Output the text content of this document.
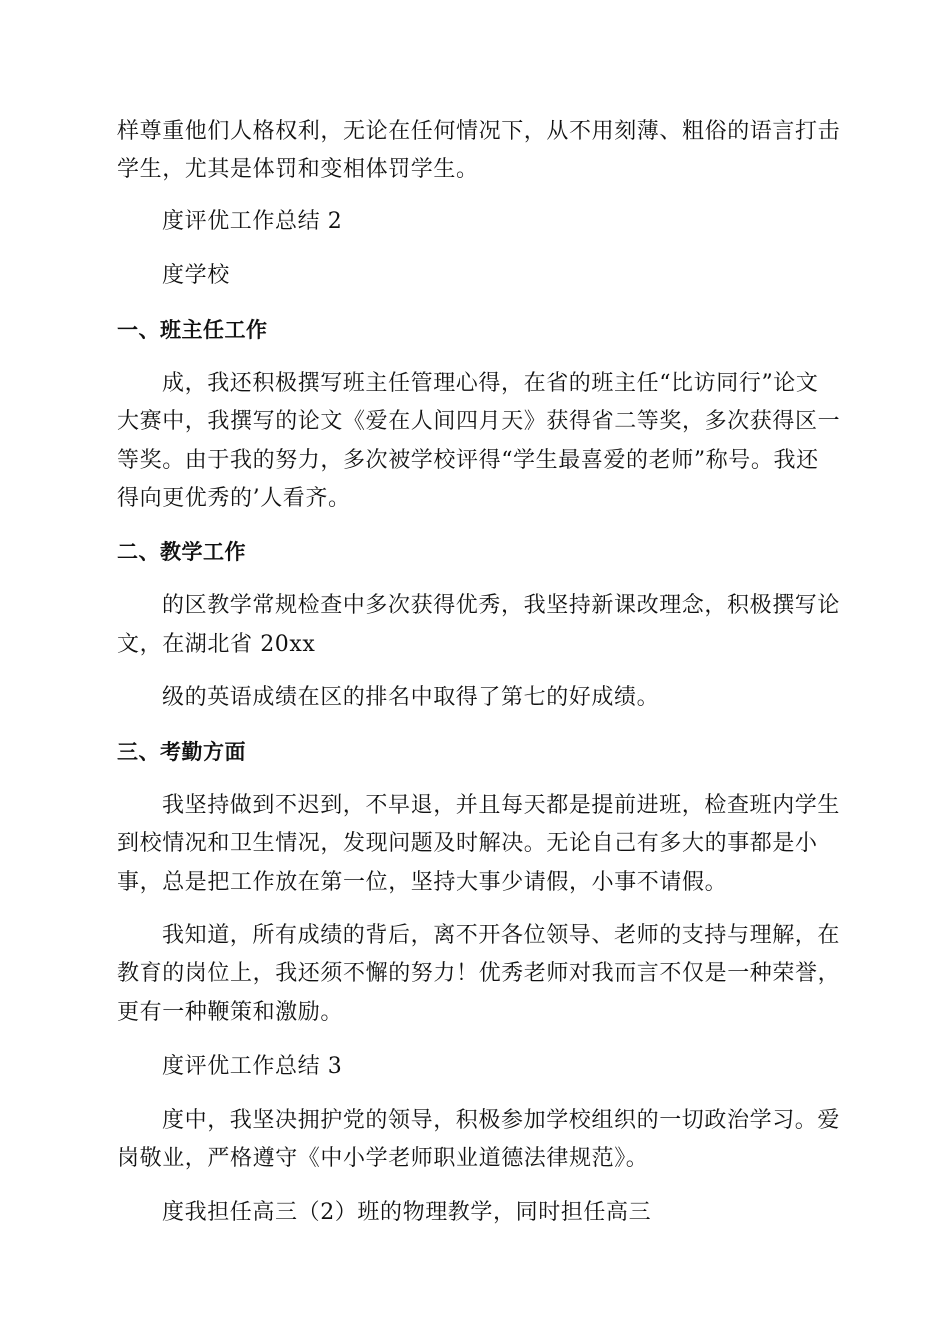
样尊重他们人格权利，无论在任何情况下，从不用刻薄、粗俗的语言打击
学生，尤其是体罚和变相体罚学生。
度评优工作总结 2
度学校
一、班主任工作
成，我还积极撰写班主任管理心得，在省的班主任“比访同行”论文
大赛中，我撰写的论文《爱在人间四月天》获得省二等奖，多次获得区一
等奖。由于我的努力，多次被学校评得“学生最喜爱的老师”称号。我还
得向更优秀的’人看齐。
二、教学工作
的区教学常规检查中多次获得优秀，我坚持新课改理念，积极撰写论
文，在湖北省 20xx
级的英语成绩在区的排名中取得了第七的好成绩。
三、考勤方面
我坚持做到不迟到，不早退，并且每天都是提前进班，检查班内学生
到校情况和卫生情况，发现问题及时解决。无论自己有多大的事都是小
事，总是把工作放在第一位，坚持大事少请假，小事不请假。
我知道，所有成绩的背后，离不开各位领导、老师的支持与理解，在
教育的岗位上，我还须不懈的努力！优秀老师对我而言不仅是一种荣誉，
更有一种鞭策和激励。
度评优工作总结 3
度中，我坚决拥护党的领导，积极参加学校组织的一切政治学习。爱
岗敬业，严格遵守《中小学老师职业道德法律规范》。
度我担任高三（2）班的物理教学，同时担任高三
